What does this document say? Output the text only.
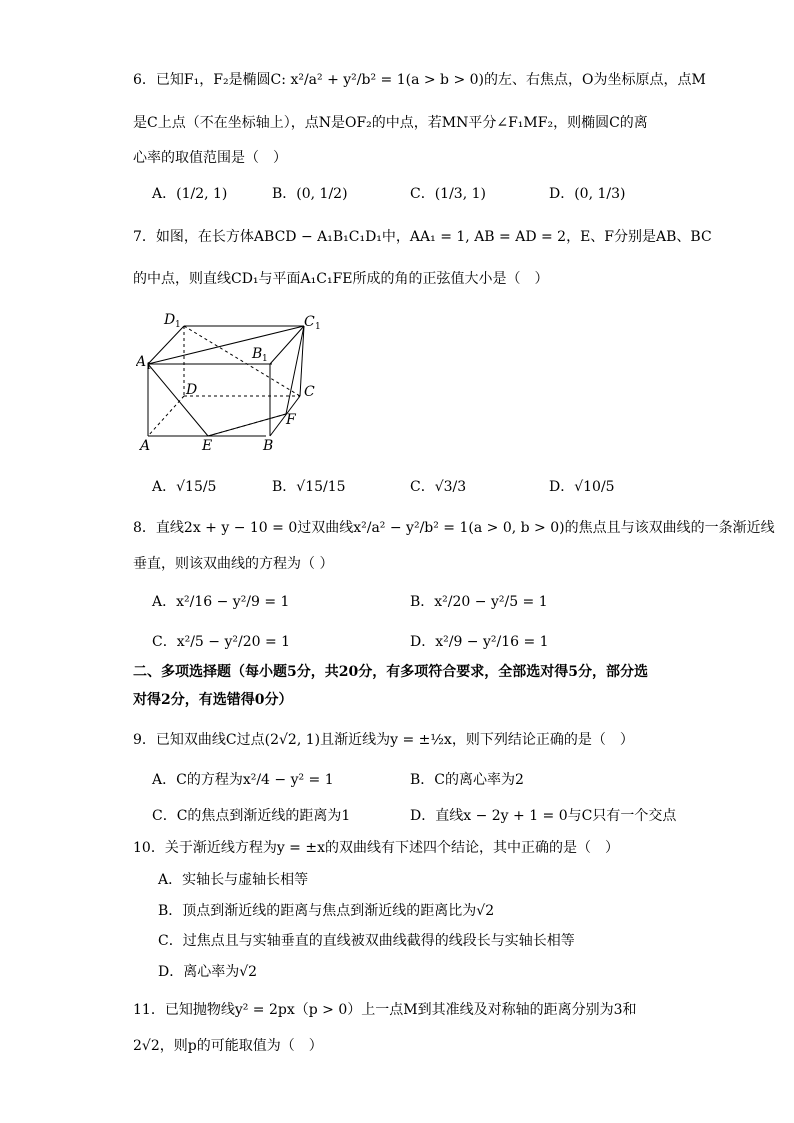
6．已知F₁，F₂是椭圆C: x²/a² + y²/b² = 1(a > b > 0)的左、右焦点，O为坐标原点，点M
是C上点（不在坐标轴上），点N是OF₂的中点，若MN平分∠F₁MF₂，则椭圆C的离
心率的取值范围是（　）
A．(1/2, 1)	B．(0, 1/2)	C．(1/3, 1)	D．(0, 1/3)
7．如图，在长方体ABCD − A₁B₁C₁D₁中，AA₁ = 1, AB = AD = 2，E、F分别是AB、BC
的中点，则直线CD₁与平面A₁C₁FE所成的角的正弦值大小是（　）
D 1	C 1
A 1
B 1
D	C
F
A	E	B
A．√15/5	B．√15/15	C．√3/3	D．√10/5
8．直线2x + y − 10 = 0过双曲线x²/a² − y²/b² = 1(a > 0, b > 0)的焦点且与该双曲线的一条渐近线
垂直，则该双曲线的方程为（ ）
A．x²/16 − y²/9 = 1	B．x²/20 − y²/5 = 1
C．x²/5 − y²/20 = 1	D．x²/9 − y²/16 = 1
二、多项选择题（每小题5分，共20分，有多项符合要求，全部选对得5分，部分选
对得2分，有选错得0分）
9．已知双曲线C过点(2√2, 1)且渐近线为y = ±½x，则下列结论正确的是（　）
A．C的方程为x²/4 − y² = 1	B．C的离心率为2
C．C的焦点到渐近线的距离为1	D．直线x − 2y + 1 = 0与C只有一个交点
10．关于渐近线方程为y = ±x的双曲线有下述四个结论，其中正确的是（　）
A．实轴长与虚轴长相等
B．顶点到渐近线的距离与焦点到渐近线的距离比为√2
C．过焦点且与实轴垂直的直线被双曲线截得的线段长与实轴长相等
D．离心率为√2
11．已知抛物线y² = 2px（p > 0）上一点M到其准线及对称轴的距离分别为3和
2√2，则p的可能取值为（　）
